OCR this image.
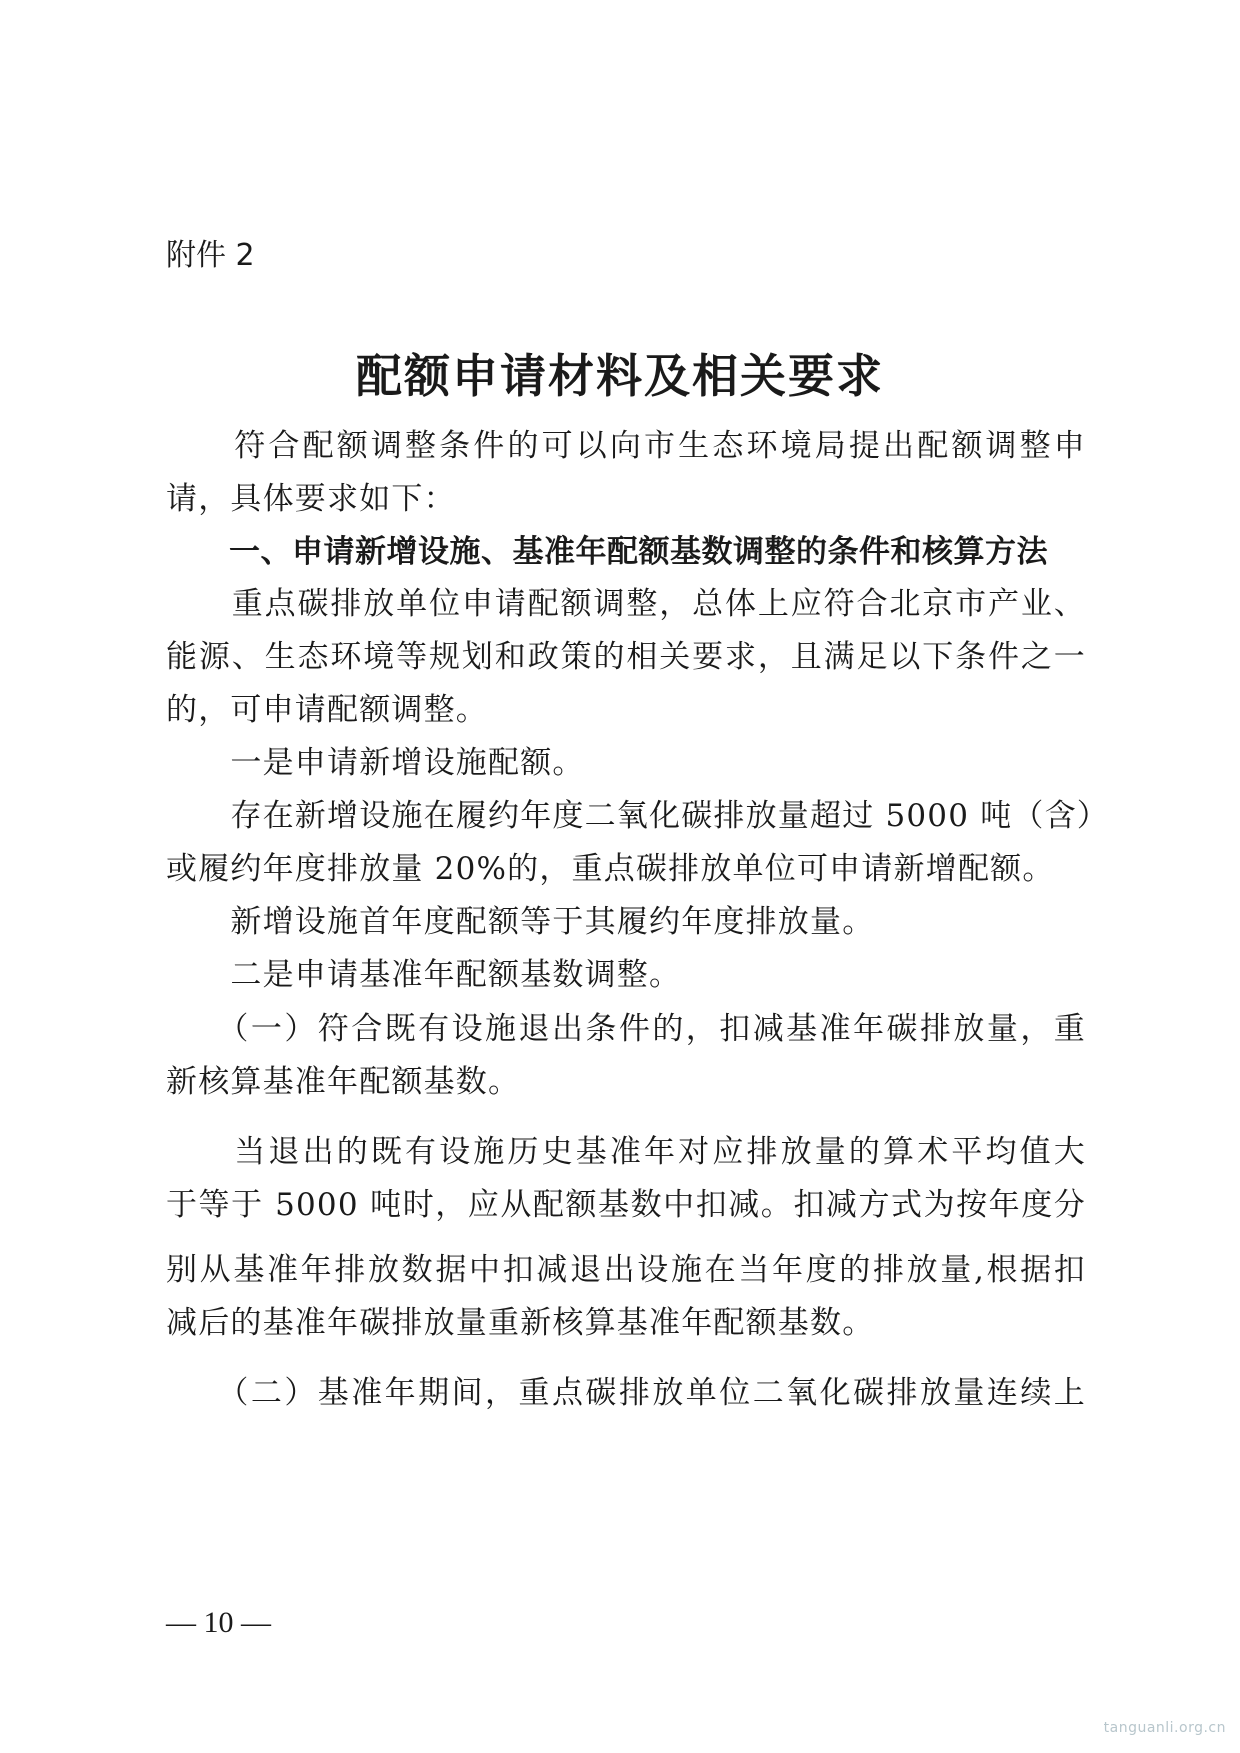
附件 2
配额申请材料及相关要求
　　符合配额调整条件的可以向市生态环境局提出配额调整申
请，具体要求如下：
　　一、申请新增设施、基准年配额基数调整的条件和核算方法
　　重点碳排放单位申请配额调整，总体上应符合北京市产业、
能源、生态环境等规划和政策的相关要求，且满足以下条件之一
的，可申请配额调整。
　　一是申请新增设施配额。
　　存在新增设施在履约年度二氧化碳排放量超过 5000 吨（含）
或履约年度排放量 20%的，重点碳排放单位可申请新增配额。
　　新增设施首年度配额等于其履约年度排放量。
　　二是申请基准年配额基数调整。
　　（一）符合既有设施退出条件的，扣减基准年碳排放量，重
新核算基准年配额基数。
　　当退出的既有设施历史基准年对应排放量的算术平均值大
于等于 5000 吨时，应从配额基数中扣减。扣减方式为按年度分
别从基准年排放数据中扣减退出设施在当年度的排放量,根据扣
减后的基准年碳排放量重新核算基准年配额基数。
　　（二）基准年期间，重点碳排放单位二氧化碳排放量连续上
— 10 —
tanguanli.org.cn
